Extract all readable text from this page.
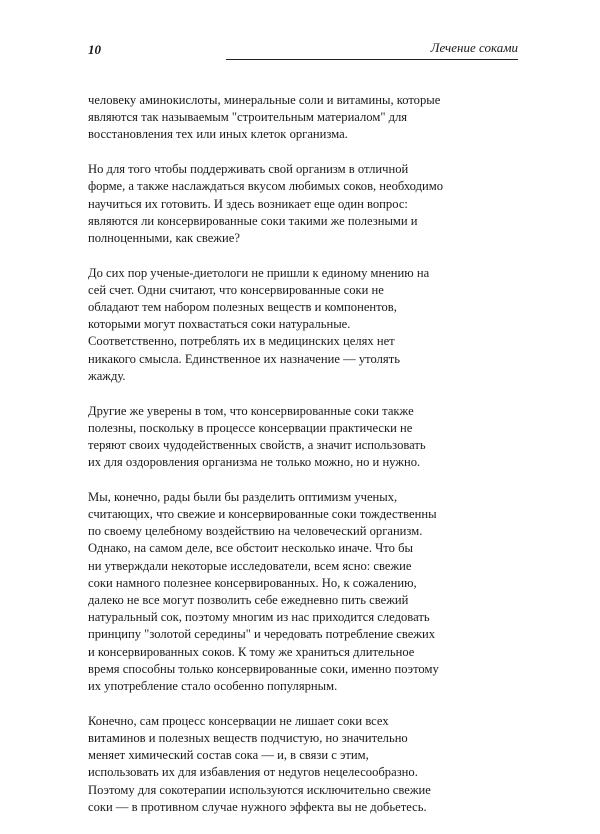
10	Лечение соками

человеку аминокислоты, минеральные соли и витамины, которые
являются так называемым "строительным материалом" для
восстановления тех или иных клеток организма.

Но для того чтобы поддерживать свой организм в отличной
форме, а также наслаждаться вкусом любимых соков, необходимо
научиться их готовить. И здесь возникает еще один вопрос:
являются ли консервированные соки такими же полезными и
полноценными, как свежие?

До сих пор ученые-диетологи не пришли к единому мнению на
сей счет. Одни считают, что консервированные соки не
обладают тем набором полезных веществ и компонентов,
которыми могут похвастаться соки натуральные.
Соответственно, потреблять их в медицинских целях нет
никакого смысла. Единственное их назначение — утолять
жажду.

Другие же уверены в том, что консервированные соки также
полезны, поскольку в процессе консервации практически не
теряют своих чудодейственных свойств, а значит использовать
их для оздоровления организма не только можно, но и нужно.

Мы, конечно, рады были бы разделить оптимизм ученых,
считающих, что свежие и консервированные соки тождественны
по своему целебному воздействию на человеческий организм.
Однако, на самом деле, все обстоит несколько иначе. Что бы
ни утверждали некоторые исследователи, всем ясно: свежие
соки намного полезнее консервированных. Но, к сожалению,
далеко не все могут позволить себе ежедневно пить свежий
натуральный сок, поэтому многим из нас приходится следовать
принципу "золотой середины" и чередовать потребление свежих
и консервированных соков. К тому же храниться длительное
время способны только консервированные соки, именно поэтому
их употребление стало особенно популярным.

Конечно, сам процесс консервации не лишает соки всех
витаминов и полезных веществ подчистую, но значительно
меняет химический состав сока — и, в связи с этим,
использовать их для избавления от недугов нецелесообразно.
Поэтому для сокотерапии используются исключительно свежие
соки — в противном случае нужного эффекта вы не добьетесь.
